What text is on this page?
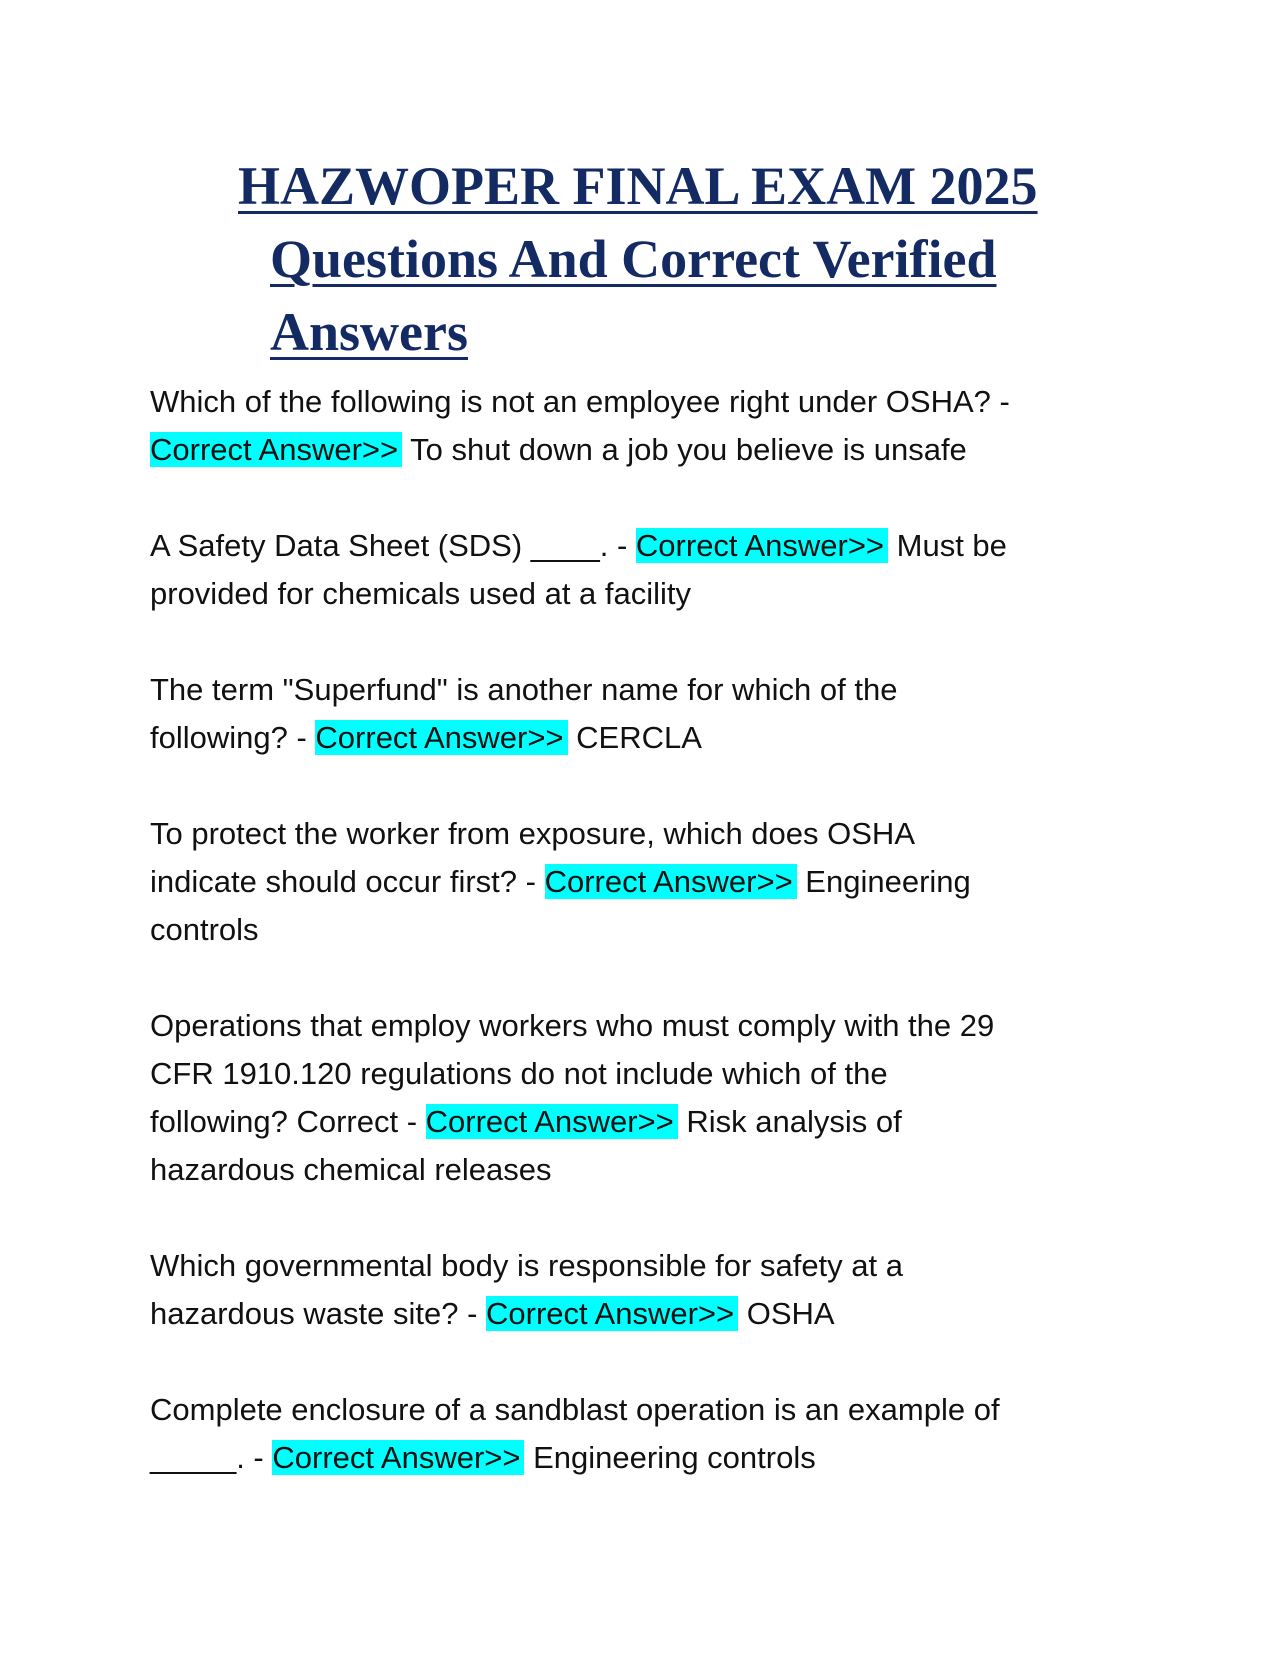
HAZWOPER FINAL EXAM 2025
Questions And Correct Verified
Answers
Which of the following is not an employee right under OSHA? -
Correct Answer>> To shut down a job you believe is unsafe
A Safety Data Sheet (SDS) ____. - Correct Answer>> Must be
provided for chemicals used at a facility
The term "Superfund" is another name for which of the
following? - Correct Answer>> CERCLA
To protect the worker from exposure, which does OSHA
indicate should occur first? - Correct Answer>> Engineering
controls
Operations that employ workers who must comply with the 29
CFR 1910.120 regulations do not include which of the
following? Correct - Correct Answer>> Risk analysis of
hazardous chemical releases
Which governmental body is responsible for safety at a
hazardous waste site? - Correct Answer>> OSHA
Complete enclosure of a sandblast operation is an example of
_____. - Correct Answer>> Engineering controls
